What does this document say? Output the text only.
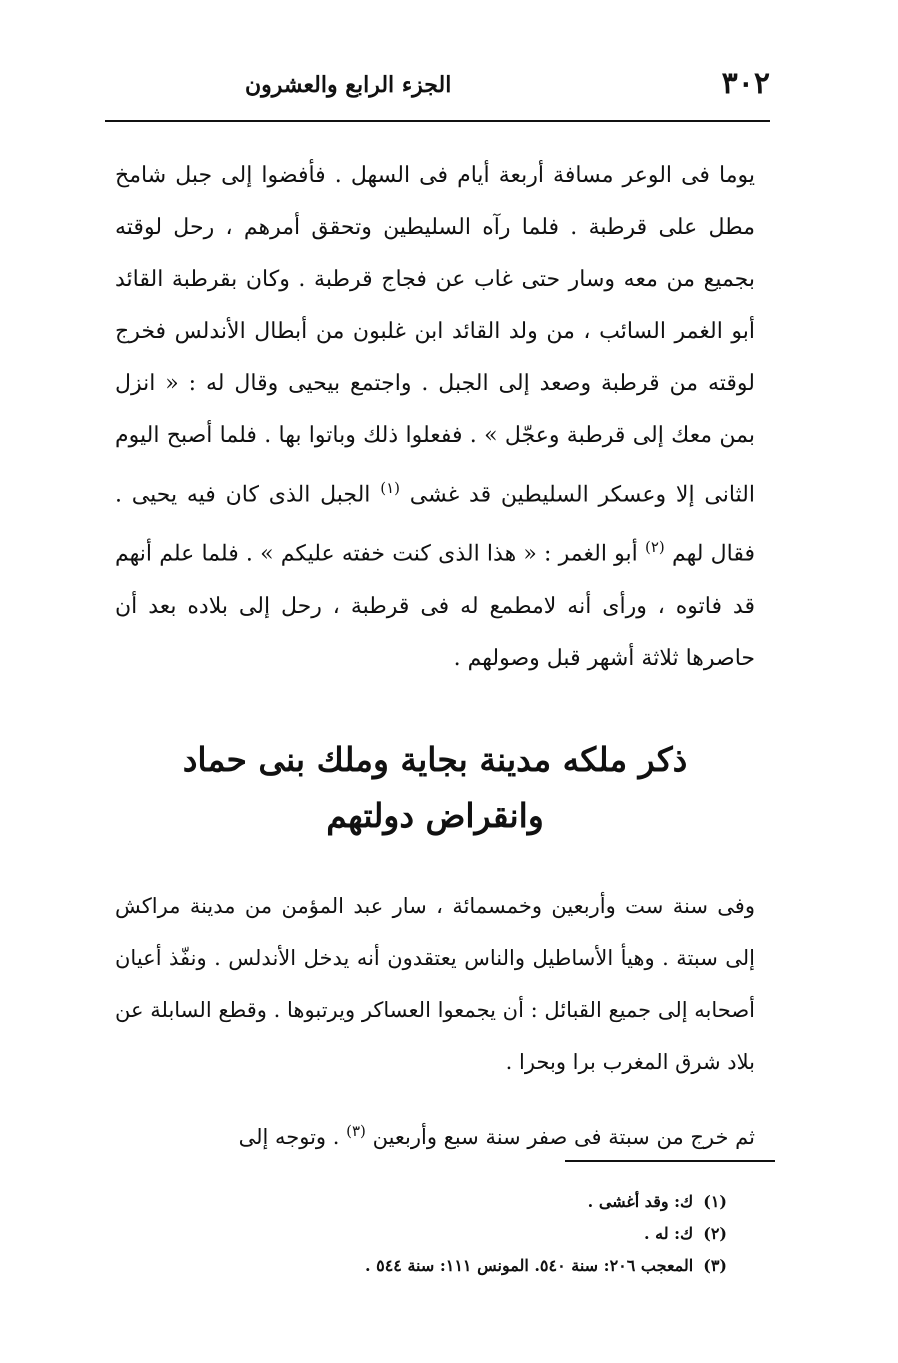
٣٠٢
الجزء الرابع والعشرون

يوما فى الوعر مسافة أربعة أيام فى السهل . فأفضوا إلى جبل شامخ مطل على قرطبة . فلما رآه السليطين وتحقق أمرهم ، رحل لوقته بجميع من معه وسار حتى غاب عن فجاج قرطبة . وكان بقرطبة القائد أبو الغمر السائب ، من ولد القائد ابن غلبون من أبطال الأندلس فخرج لوقته من قرطبة وصعد إلى الجبل . واجتمع بيحيى وقال له : « انزل بمن معك إلى قرطبة وعجّل » . ففعلوا ذلك وباتوا بها . فلما أصبح اليوم الثانى إلا وعسكر السليطين قد غشى $^{(١)}$ الجبل الذى كان فيه يحيى . فقال لهم $^{(٢)}$ أبو الغمر : « هذا الذى كنت خفته عليكم » . فلما علم أنهم قد فاتوه ، ورأى أنه لامطمع له فى قرطبة ، رحل إلى بلاده بعد أن حاصرها ثلاثة أشهر قبل وصولهم .

ذكر ملكه مدينة بجاية وملك بنى حماد
وانقراض دولتهم

وفى سنة ست وأربعين وخمسمائة ، سار عبد المؤمن من مدينة مراكش إلى سبتة . وهيأ الأساطيل والناس يعتقدون أنه يدخل الأندلس . ونفّذ أعيان أصحابه إلى جميع القبائل : أن يجمعوا العساكر ويرتبوها . وقطع السابلة عن بلاد شرق المغرب برا وبحرا .

ثم خرج من سبتة فى صفر سنة سبع وأربعين $^{(٣)}$ . وتوجه إلى

(١)ك: وقد أغشى .
(٢)ك: له .
(٣)المعجب ٢٠٦: سنة ٥٤٠. المونس ١١١: سنة ٥٤٤ .
